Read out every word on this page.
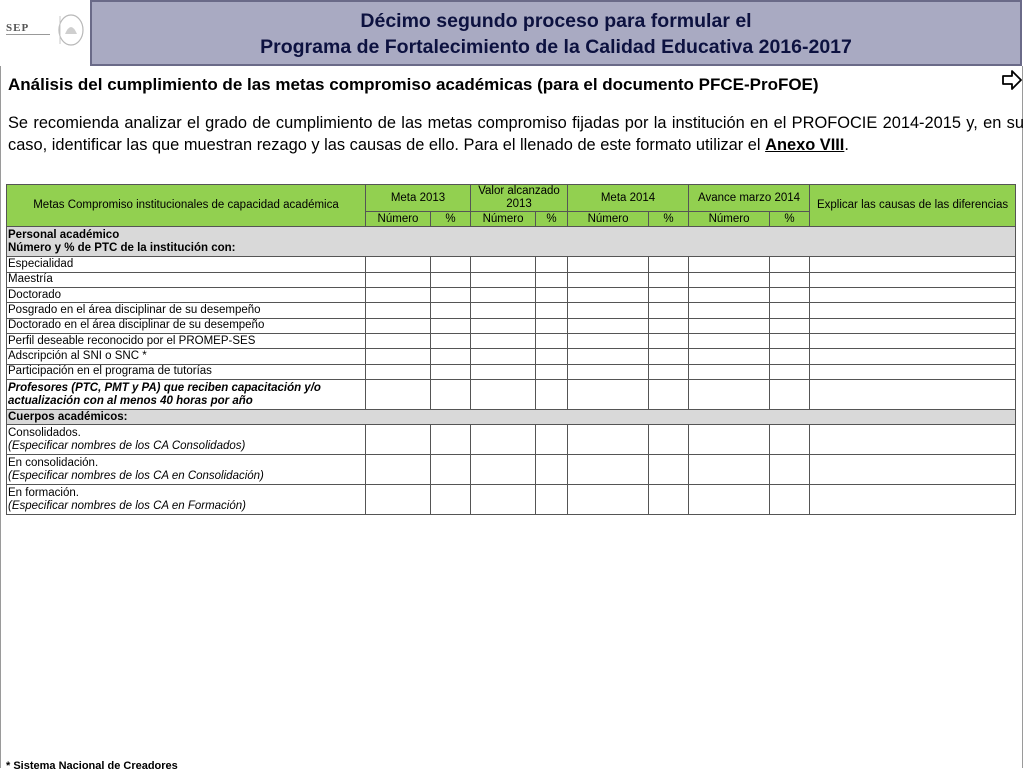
SEP	Décimo segundo proceso para formular el
Programa de Fortalecimiento de la Calidad Educativa 2016-2017
Análisis del cumplimiento de las metas compromiso académicas (para el documento PFCE-ProFOE)
Se recomienda analizar el grado de cumplimiento de las metas compromiso fijadas por la institución en el PROFOCIE 2014-2015 y, en su caso, identificar las que muestran rezago y las causas de ello. Para el llenado de este formato utilizar el Anexo VIII.
Metas Compromiso institucionales de capacidad académica	Meta 2013		Valor alcanzado 2013		Meta 2014		Avance marzo 2014		Explicar las causas de las diferencias
	Número	%	Número	%	Número	%	Número	%	

Personal académico
Número y % de PTC de la institución con:									

Especialidad									
Maestría									
Doctorado									
Posgrado en el área disciplinar de su desempeño									
Doctorado en el área disciplinar de su desempeño									
Perfil deseable reconocido por el PROMEP-SES									
Adscripción al SNI o SNC *									
Participación en el programa de tutorías									

Profesores (PTC, PMT y PA) que reciben capacitación y/o
actualización con al menos 40 horas por año									

Cuerpos académicos:									

Consolidados.
(Especificar nombres de los CA Consolidados)									

En consolidación.
(Especificar nombres de los CA en Consolidación)									

En formación.
(Especificar nombres de los CA en Formación)									

* Sistema Nacional de Creadores
